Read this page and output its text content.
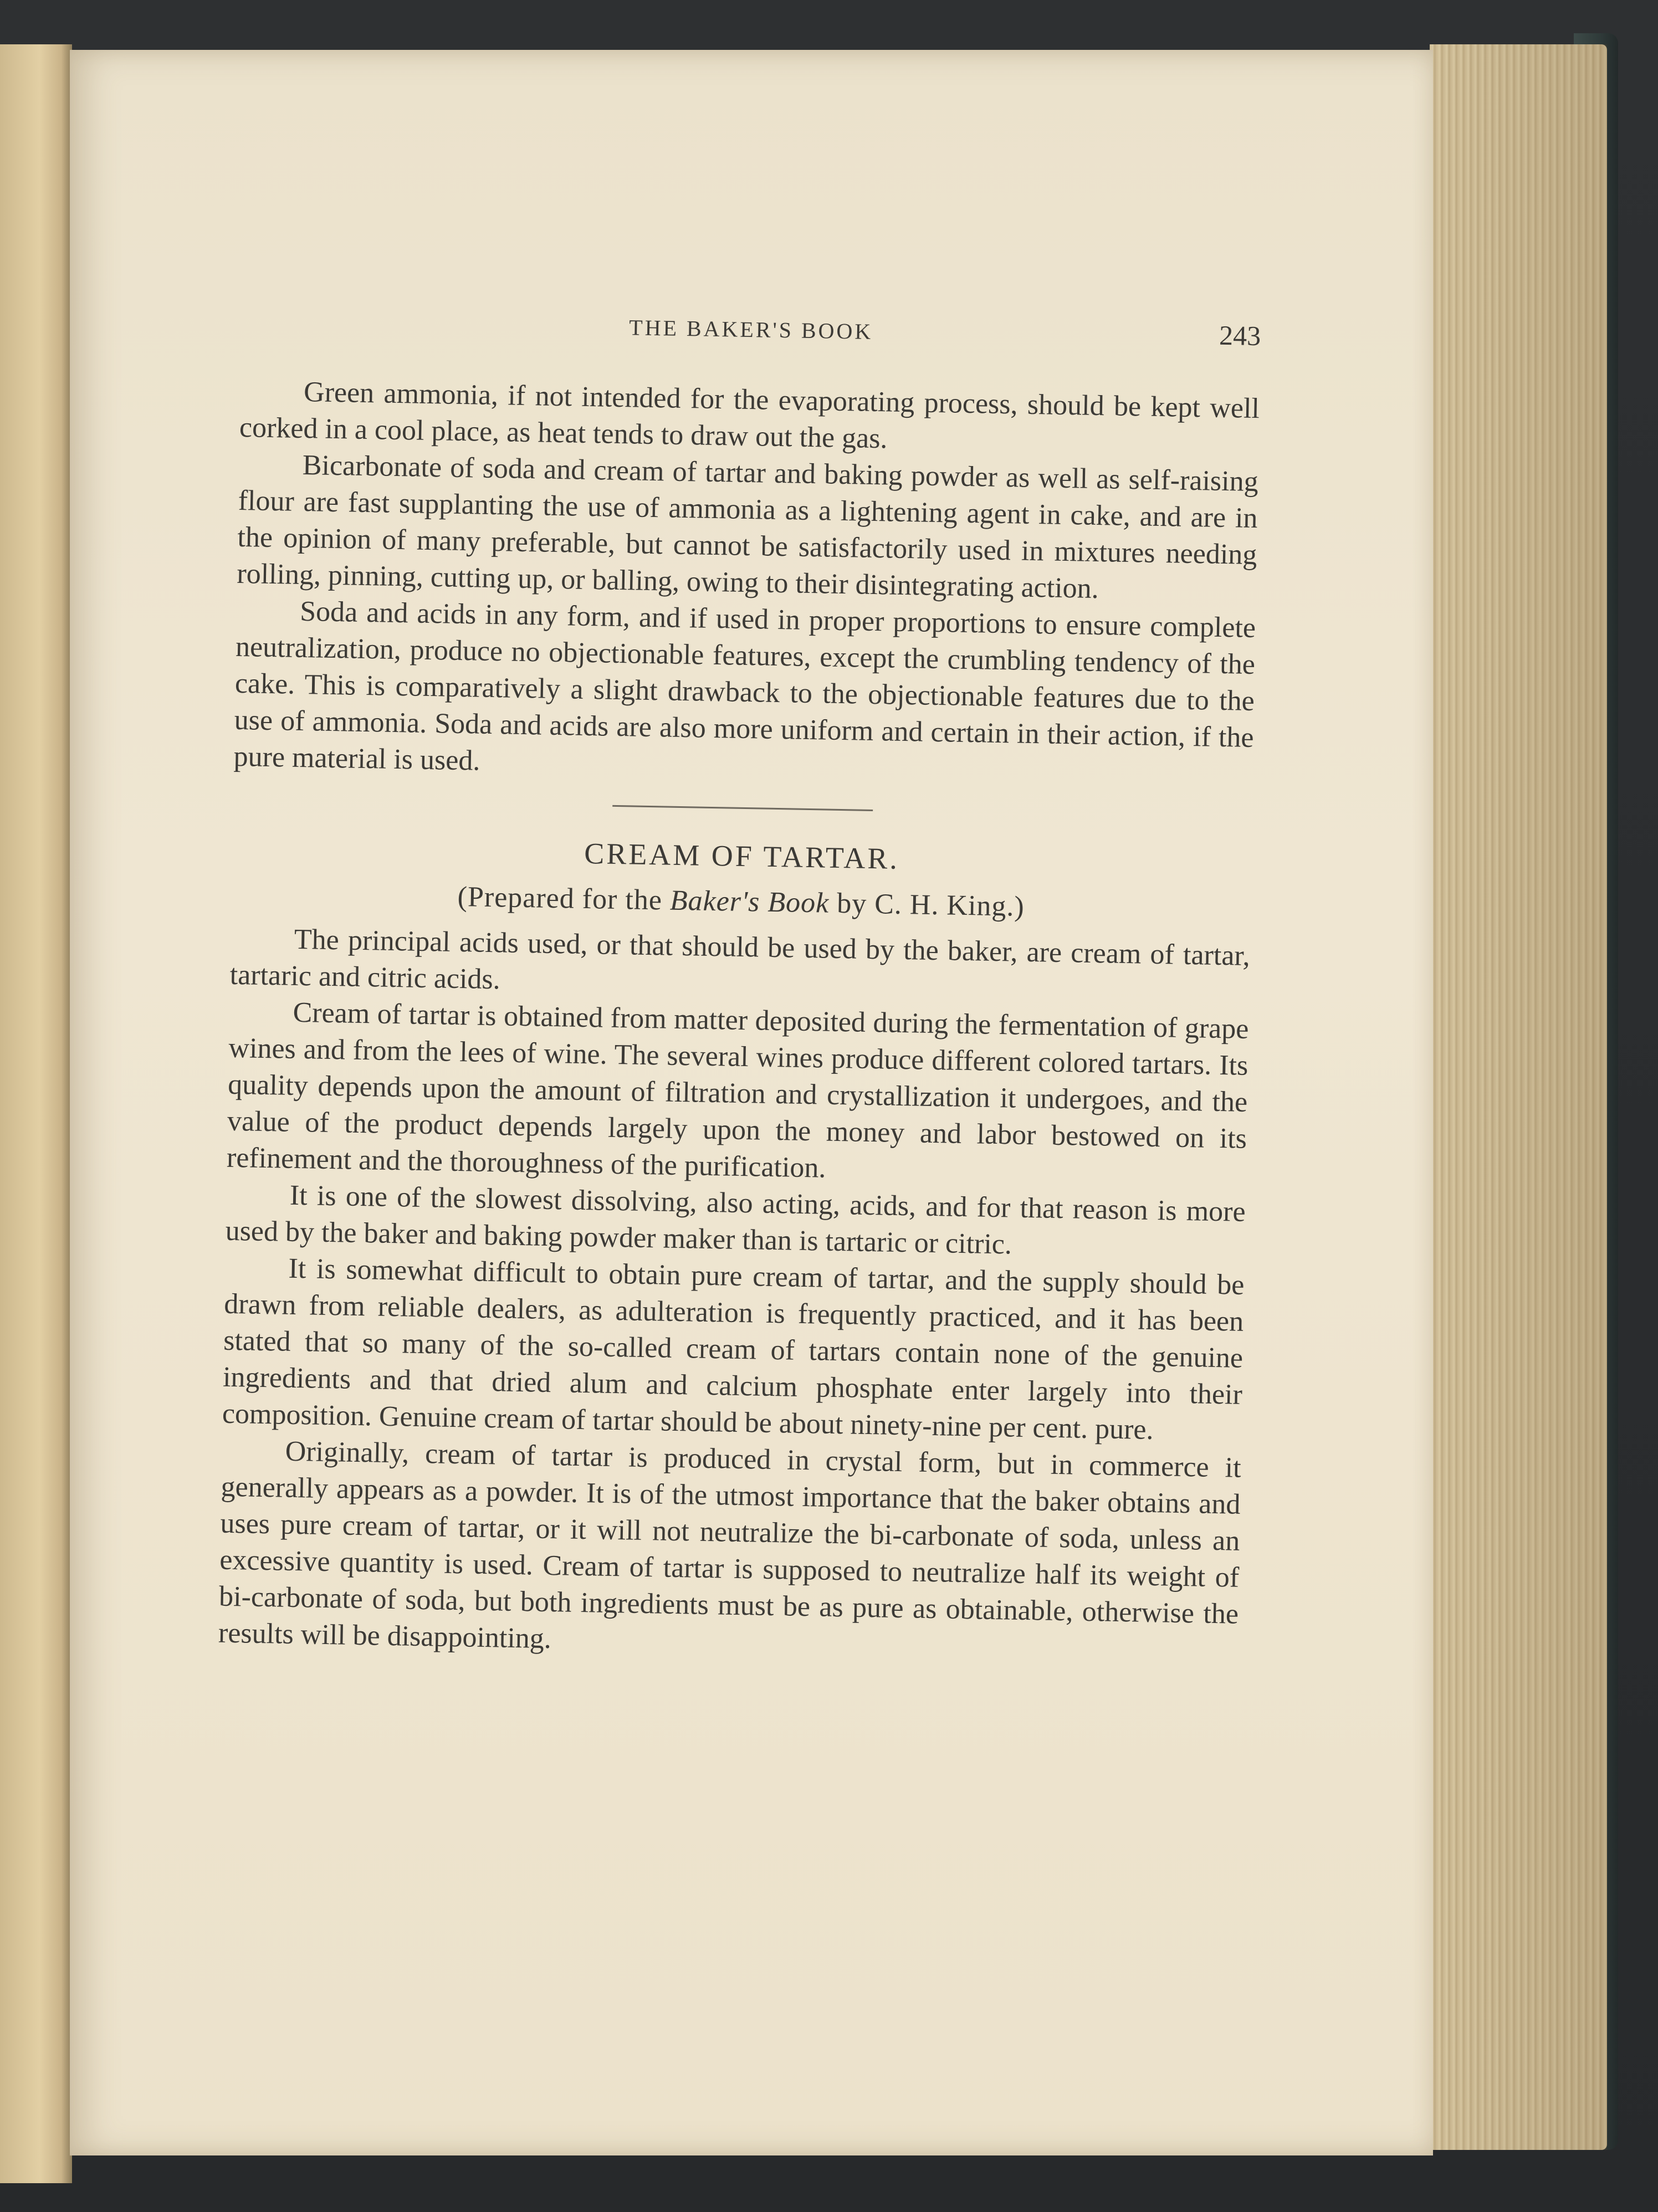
THE BAKER'S BOOK	243

Green ammonia, if not intended for the evaporating process, should be kept well corked in a cool place, as heat tends to draw out the gas.

Bicarbonate of soda and cream of tartar and baking powder as well as self-raising flour are fast supplanting the use of ammonia as a lightening agent in cake, and are in the opinion of many preferable, but cannot be satisfactorily used in mixtures needing rolling, pinning, cutting up, or balling, owing to their disintegrating action.

Soda and acids in any form, and if used in proper proportions to ensure complete neutralization, produce no objectionable features, except the crumbling tendency of the cake. This is comparatively a slight drawback to the objectionable features due to the use of ammonia. Soda and acids are also more uniform and certain in their action, if the pure material is used.

CREAM OF TARTAR.
(Prepared for the Baker's Book by C. H. King.)

The principal acids used, or that should be used by the baker, are cream of tartar, tartaric and citric acids.

Cream of tartar is obtained from matter deposited during the fermentation of grape wines and from the lees of wine. The several wines produce different colored tartars. Its quality depends upon the amount of filtration and crystallization it undergoes, and the value of the product depends largely upon the money and labor bestowed on its refinement and the thoroughness of the purification.

It is one of the slowest dissolving, also acting, acids, and for that reason is more used by the baker and baking powder maker than is tartaric or citric.

It is somewhat difficult to obtain pure cream of tartar, and the supply should be drawn from reliable dealers, as adulteration is frequently practiced, and it has been stated that so many of the so-called cream of tartars contain none of the genuine ingredients and that dried alum and calcium phosphate enter largely into their composition. Genuine cream of tartar should be about ninety-nine per cent. pure.

Originally, cream of tartar is produced in crystal form, but in commerce it generally appears as a powder. It is of the utmost importance that the baker obtains and uses pure cream of tartar, or it will not neutralize the bi-carbonate of soda, unless an excessive quantity is used. Cream of tartar is supposed to neutralize half its weight of bi-carbonate of soda, but both ingredients must be as pure as obtainable, otherwise the results will be disappointing.
